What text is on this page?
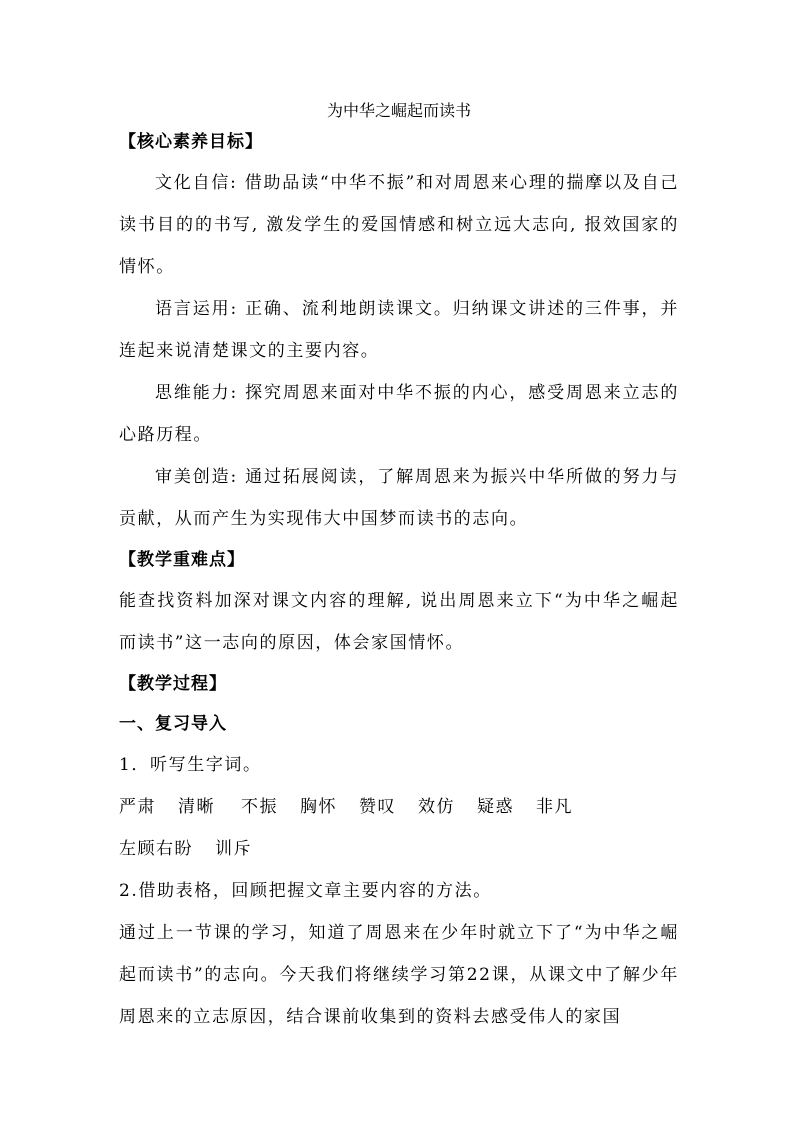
为中华之崛起而读书

【核心素养目标】

文化自信: 借助品读“中华不振”和对周恩来心理的揣摩以及自己读书目的的书写, 激发学生的爱国情感和树立远大志向, 报效国家的情怀。

语言运用: 正确、流利地朗读课文。归纳课文讲述的三件事，并连起来说清楚课文的主要内容。

思维能力: 探究周恩来面对中华不振的内心，感受周恩来立志的心路历程。

审美创造: 通过拓展阅读，了解周恩来为振兴中华所做的努力与贡献，从而产生为实现伟大中国梦而读书的志向。

【教学重难点】

能查找资料加深对课文内容的理解, 说出周恩来立下“为中华之崛起而读书”这一志向的原因，体会家国情怀。

【教学过程】

一、复习导入

1．听写生字词。

严肃 清晰 不振 胸怀 赞叹 效仿 疑惑 非凡

左顾右盼 训斥

2.借助表格，回顾把握文章主要内容的方法。

通过上一节课的学习，知道了周恩来在少年时就立下了“为中华之崛起而读书”的志向。今天我们将继续学习第22课，从课文中了解少年周恩来的立志原因，结合课前收集到的资料去感受伟人的家国
